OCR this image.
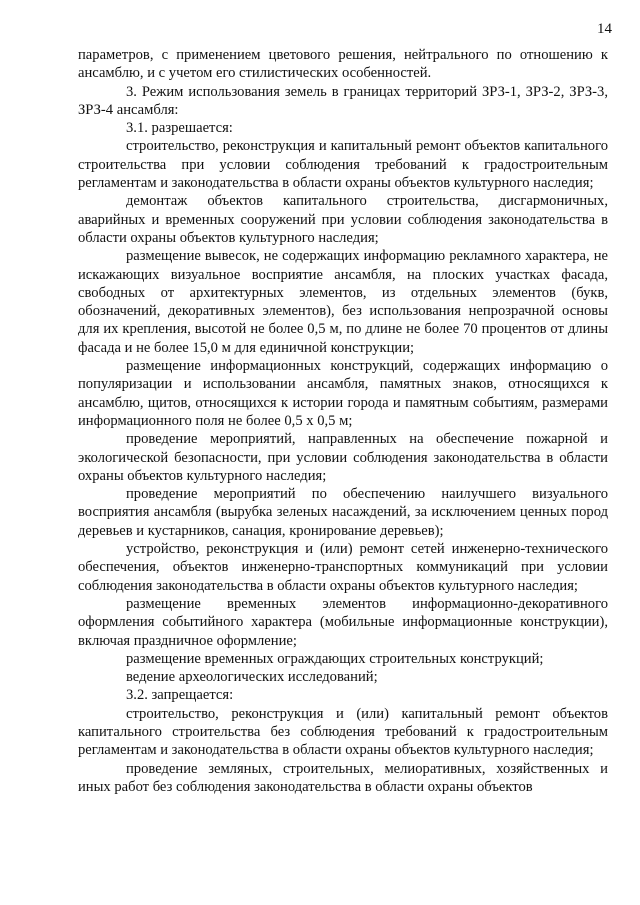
14

параметров, с применением цветового решения, нейтрального по отношению к ансамблю, и с учетом его стилистических особенностей.

3. Режим использования земель в границах территорий ЗРЗ-1, ЗРЗ-2, ЗРЗ-3, ЗРЗ-4 ансамбля:

3.1. разрешается:

строительство, реконструкция и капитальный ремонт объектов капитального строительства при условии соблюдения требований к градостроительным регламентам и законодательства в области охраны объектов культурного наследия;

демонтаж объектов капитального строительства, дисгармоничных, аварийных и временных сооружений при условии соблюдения законодательства в области охраны объектов культурного наследия;

размещение вывесок, не содержащих информацию рекламного характера, не искажающих визуальное восприятие ансамбля, на плоских участках фасада, свободных от архитектурных элементов, из отдельных элементов (букв, обозначений, декоративных элементов), без использования непрозрачной основы для их крепления, высотой не более 0,5 м, по длине не более 70 процентов от длины фасада и не более 15,0 м для единичной конструкции;

размещение информационных конструкций, содержащих информацию о популяризации и использовании ансамбля, памятных знаков, относящихся к ансамблю, щитов, относящихся к истории города и памятным событиям, размерами информационного поля не более 0,5 х 0,5 м;

проведение мероприятий, направленных на обеспечение пожарной и экологической безопасности, при условии соблюдения законодательства в области охраны объектов культурного наследия;

проведение мероприятий по обеспечению наилучшего визуального восприятия ансамбля (вырубка зеленых насаждений, за исключением ценных пород деревьев и кустарников, санация, кронирование деревьев);

устройство, реконструкция и (или) ремонт сетей инженерно-технического обеспечения, объектов инженерно-транспортных коммуникаций при условии соблюдения законодательства в области охраны объектов культурного наследия;

размещение временных элементов информационно-декоративного оформления событийного характера (мобильные информационные конструкции), включая праздничное оформление;

размещение временных ограждающих строительных конструкций;

ведение археологических исследований;

3.2. запрещается:

строительство, реконструкция и (или) капитальный ремонт объектов капитального строительства без соблюдения требований к градостроительным регламентам и законодательства в области охраны объектов культурного наследия;

проведение земляных, строительных, мелиоративных, хозяйственных и иных работ без соблюдения законодательства в области охраны объектов
